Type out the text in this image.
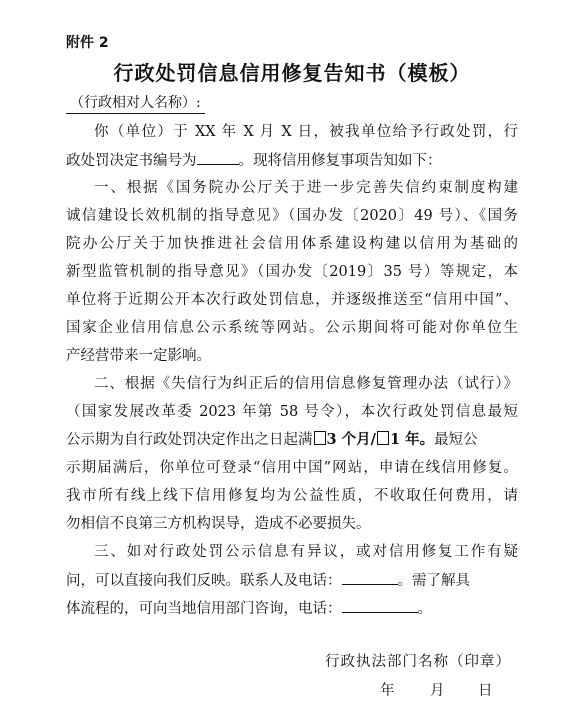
附件 2
行政处罚信息信用修复告知书（模板）
（行政相对人名称）:
你（单位）于 XX 年 X 月 X 日，被我单位给予行政处罚，行
政处罚决定书编号为	。现将信用修复事项告知如下：
一、根据《国务院办公厅关于进一步完善失信约束制度构建
诚信建设长效机制的指导意见》（国办发〔2020〕49 号）、《国务
院办公厅关于加快推进社会信用体系建设构建以信用为基础的
新型监管机制的指导意见》（国办发〔2019〕35 号）等规定，本
单位将于近期公开本次行政处罚信息，并逐级推送至“信用中国”、
国家企业信用信息公示系统等网站。公示期间将可能对你单位生
产经营带来一定影响。
二、根据《失信行为纠正后的信用信息修复管理办法（试行）》
（国家发展改革委 2023 年第 58 号令），本次行政处罚信息最短
公示期为自行政处罚决定作出之日起满 3 个月/ 1 年。最短公
示期届满后，你单位可登录“信用中国”网站，申请在线信用修复。
我市所有线上线下信用修复均为公益性质，不收取任何费用，请
勿相信不良第三方机构误导，造成不必要损失。
三、如对行政处罚公示信息有异议，或对信用修复工作有疑
问，可以直接向我们反映。联系人及电话：	。需了解具
体流程的，可向当地信用部门咨询，电话：	。
行政执法部门名称（印章）
年 月 日
